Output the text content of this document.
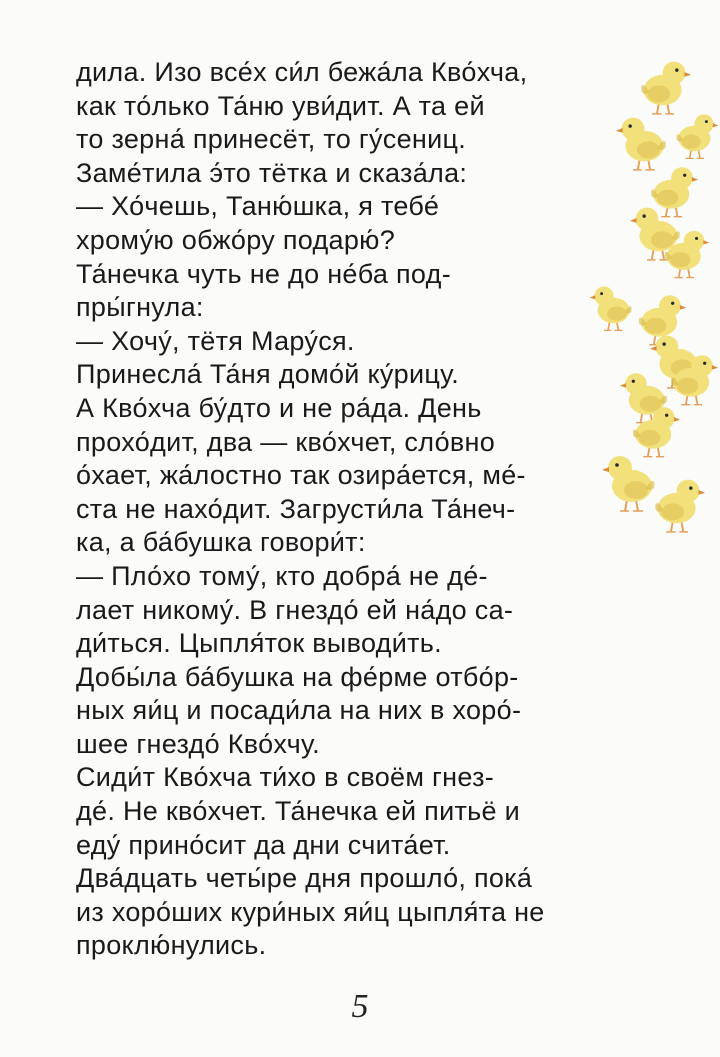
дила. Изо все́х си́л бежа́ла Кво́хча,
как то́лько Та́ню уви́дит. А та ей
то зерна́ принесёт, то гу́сениц.
Заме́тила э́то тётка и сказа́ла:
— Хо́чешь, Таню́шка, я тебе́
хрому́ю обжо́ру подарю́?
Та́нечка чуть не до не́ба под-
пры́гнула:
— Хочу́, тётя Мару́ся.
Принесла́ Та́ня домо́й ку́рицу.
А Кво́хча бу́дто и не ра́да. День
прохо́дит, два — кво́хчет, сло́вно
о́хает, жа́лостно так озира́ется, ме́-
ста не нахо́дит. Загрусти́ла Та́неч-
ка, а ба́бушка говори́т:
— Пло́хо тому́, кто добра́ не де́-
лает никому́. В гнездо́ ей на́до са-
ди́ться. Цыпля́ток выводи́ть.
Добы́ла ба́бушка на фе́рме отбо́р-
ных яи́ц и посади́ла на них в хоро́-
шее гнездо́ Кво́хчу.
Сиди́т Кво́хча ти́хо в своём гнез-
де́. Не кво́хчет. Та́нечка ей питьё и
еду́ прино́сит да дни счита́ет.
Два́дцать четы́ре дня прошло́, пока́
из хоро́ших кури́ных яи́ц цыпля́та не
проклю́нулись.
5
